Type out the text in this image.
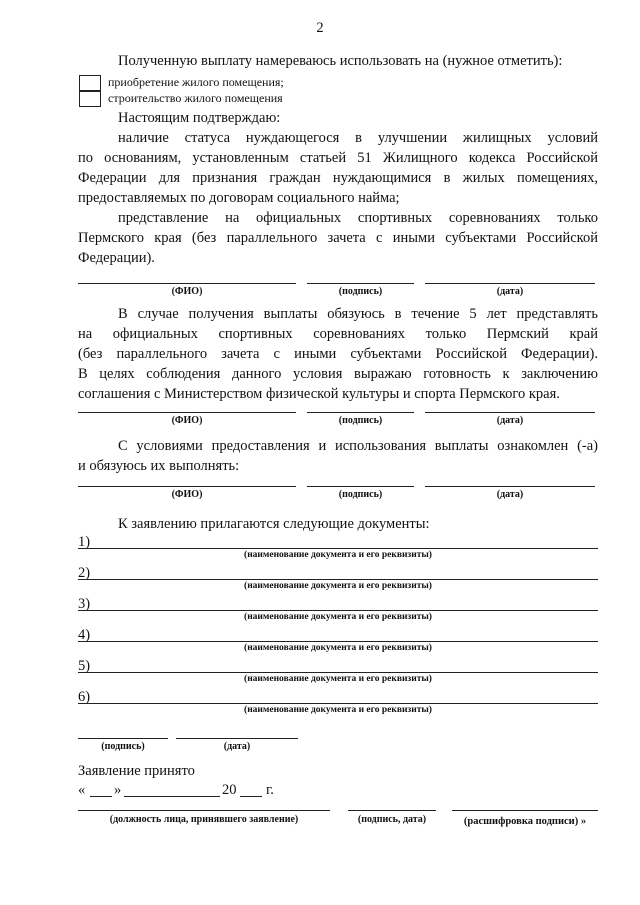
2
Полученную выплату намереваюсь использовать на (нужное отметить):
приобретение жилого помещения;
строительство жилого помещения
Настоящим подтверждаю:
наличие статуса нуждающегося в улучшении жилищных условий
по основаниям, установленным статьей 51 Жилищного кодекса Российской
Федерации для признания граждан нуждающимися в жилых помещениях,
предоставляемых по договорам социального найма;
представление на официальных спортивных соревнованиях только
Пермского края (без параллельного зачета с иными субъектами Российской
Федерации).
(ФИО)	(подпись)	(дата)
В случае получения выплаты обязуюсь в течение 5 лет представлять
на официальных спортивных соревнованиях только Пермский край
(без параллельного зачета с иными субъектами Российской Федерации).
В целях соблюдения данного условия выражаю готовность к заключению
соглашения с Министерством физической культуры и спорта Пермского края.
(ФИО)	(подпись)	(дата)
С условиями предоставления и использования выплаты ознакомлен (-а)
и обязуюсь их выполнять:
(ФИО)	(подпись)	(дата)
К заявлению прилагаются следующие документы:
1)
(наименование документа и его реквизиты)
2)
(наименование документа и его реквизиты)
3)
(наименование документа и его реквизиты)
4)
(наименование документа и его реквизиты)
5)
(наименование документа и его реквизиты)
6)
(наименование документа и его реквизиты)
(подпись)	(дата)
Заявление принято
« »	20 г.
(должность лица, принявшего заявление)	(подпись, дата)	(расшифровка подписи) »
